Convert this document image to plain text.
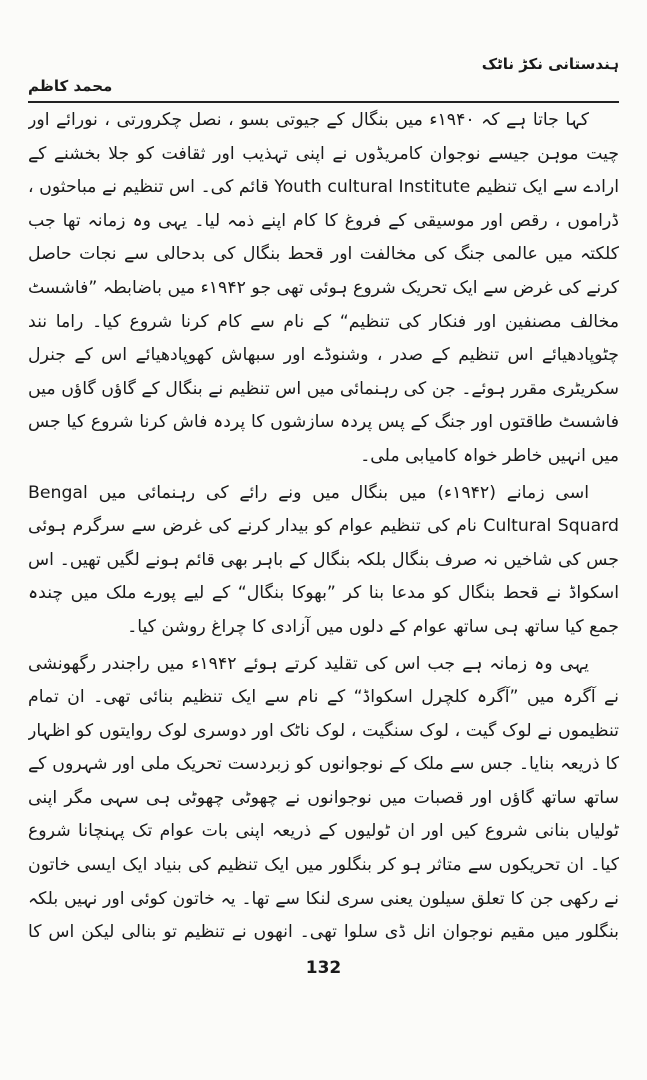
ہندستانی نکڑ ناٹک
محمد کاظم

کہا جاتا ہے کہ ۱۹۴۰ء میں بنگال کے جیوتی بسو ، نصل چکرورتی ، نورائے اور چیت موہن جیسے نوجوان کامریڈوں نے اپنی تہذیب اور ثقافت کو جلا بخشنے کے ارادے سے ایک تنظیم Youth cultural Institute قائم کی۔ اس تنظیم نے مباحثوں ، ڈراموں ، رقص اور موسیقی کے فروغ کا کام اپنے ذمہ لیا۔ یہی وہ زمانہ تھا جب کلکتہ میں عالمی جنگ کی مخالفت اور قحط بنگال کی بدحالی سے نجات حاصل کرنے کی غرض سے ایک تحریک شروع ہوئی تھی جو ۱۹۴۲ء میں باضابطہ ”فاشسٹ مخالف مصنفین اور فنکار کی تنظیم“ کے نام سے کام کرنا شروع کیا۔ راما نند چٹوپادھیائے اس تنظیم کے صدر ، وشنوڈے اور سبھاش کھوپادھیائے اس کے جنرل سکریٹری مقرر ہوئے۔ جن کی رہنمائی میں اس تنظیم نے بنگال کے گاؤں گاؤں میں فاشسٹ طاقتوں اور جنگ کے پس پردہ سازشوں کا پردہ فاش کرنا شروع کیا جس میں انہیں خاطر خواہ کامیابی ملی۔

اسی زمانے (۱۹۴۲ء) میں بنگال میں ونے رائے کی رہنمائی میں Bengal Cultural Squard نام کی تنظیم عوام کو بیدار کرنے کی غرض سے سرگرم ہوئی جس کی شاخیں نہ صرف بنگال بلکہ بنگال کے باہر بھی قائم ہونے لگیں تھیں۔ اس اسکواڈ نے قحط بنگال کو مدعا بنا کر ”بھوکا بنگال“ کے لیے پورے ملک میں چندہ جمع کیا ساتھ ہی ساتھ عوام کے دلوں میں آزادی کا چراغ روشن کیا۔

یہی وہ زمانہ ہے جب اس کی تقلید کرتے ہوئے ۱۹۴۲ء میں راجندر رگھونشی نے آگرہ میں ”آگرہ کلچرل اسکواڈ“ کے نام سے ایک تنظیم بنائی تھی۔ ان تمام تنظیموں نے لوک گیت ، لوک سنگیت ، لوک ناٹک اور دوسری لوک روایتوں کو اظہار کا ذریعہ بنایا۔ جس سے ملک کے نوجوانوں کو زبردست تحریک ملی اور شہروں کے ساتھ ساتھ گاؤں اور قصبات میں نوجوانوں نے چھوٹی چھوٹی ہی سہی مگر اپنی ٹولیاں بنانی شروع کیں اور ان ٹولیوں کے ذریعہ اپنی بات عوام تک پہنچانا شروع کیا۔ ان تحریکوں سے متاثر ہو کر بنگلور میں ایک تنظیم کی بنیاد ایک ایسی خاتون نے رکھی جن کا تعلق سیلون یعنی سری لنکا سے تھا۔ یہ خاتون کوئی اور نہیں بلکہ بنگلور میں مقیم نوجوان انل ڈی سلوا تھی۔ انھوں نے تنظیم تو بنالی لیکن اس کا

132
